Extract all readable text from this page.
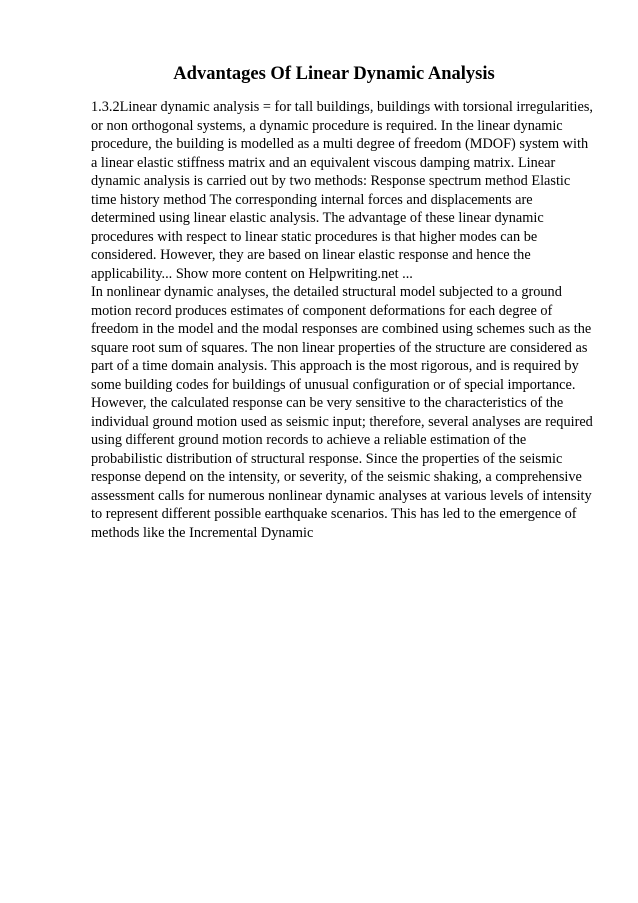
Advantages Of Linear Dynamic Analysis

1.3.2Linear dynamic analysis = for tall buildings, buildings with torsional irregularities, or non orthogonal systems, a dynamic procedure is required. In the linear dynamic procedure, the building is modelled as a multi degree of freedom (MDOF) system with a linear elastic stiffness matrix and an equivalent viscous damping matrix. Linear dynamic analysis is carried out by two methods: Response spectrum method Elastic time history method The corresponding internal forces and displacements are determined using linear elastic analysis. The advantage of these linear dynamic procedures with respect to linear static procedures is that higher modes can be considered. However, they are based on linear elastic response and hence the applicability... Show more content on Helpwriting.net ...

In nonlinear dynamic analyses, the detailed structural model subjected to a ground motion record produces estimates of component deformations for each degree of freedom in the model and the modal responses are combined using schemes such as the square root sum of squares. The non linear properties of the structure are considered as part of a time domain analysis. This approach is the most rigorous, and is required by some building codes for buildings of unusual configuration or of special importance. However, the calculated response can be very sensitive to the characteristics of the individual ground motion used as seismic input; therefore, several analyses are required using different ground motion records to achieve a reliable estimation of the probabilistic distribution of structural response. Since the properties of the seismic response depend on the intensity, or severity, of the seismic shaking, a comprehensive assessment calls for numerous nonlinear dynamic analyses at various levels of intensity to represent different possible earthquake scenarios. This has led to the emergence of methods like the Incremental Dynamic
